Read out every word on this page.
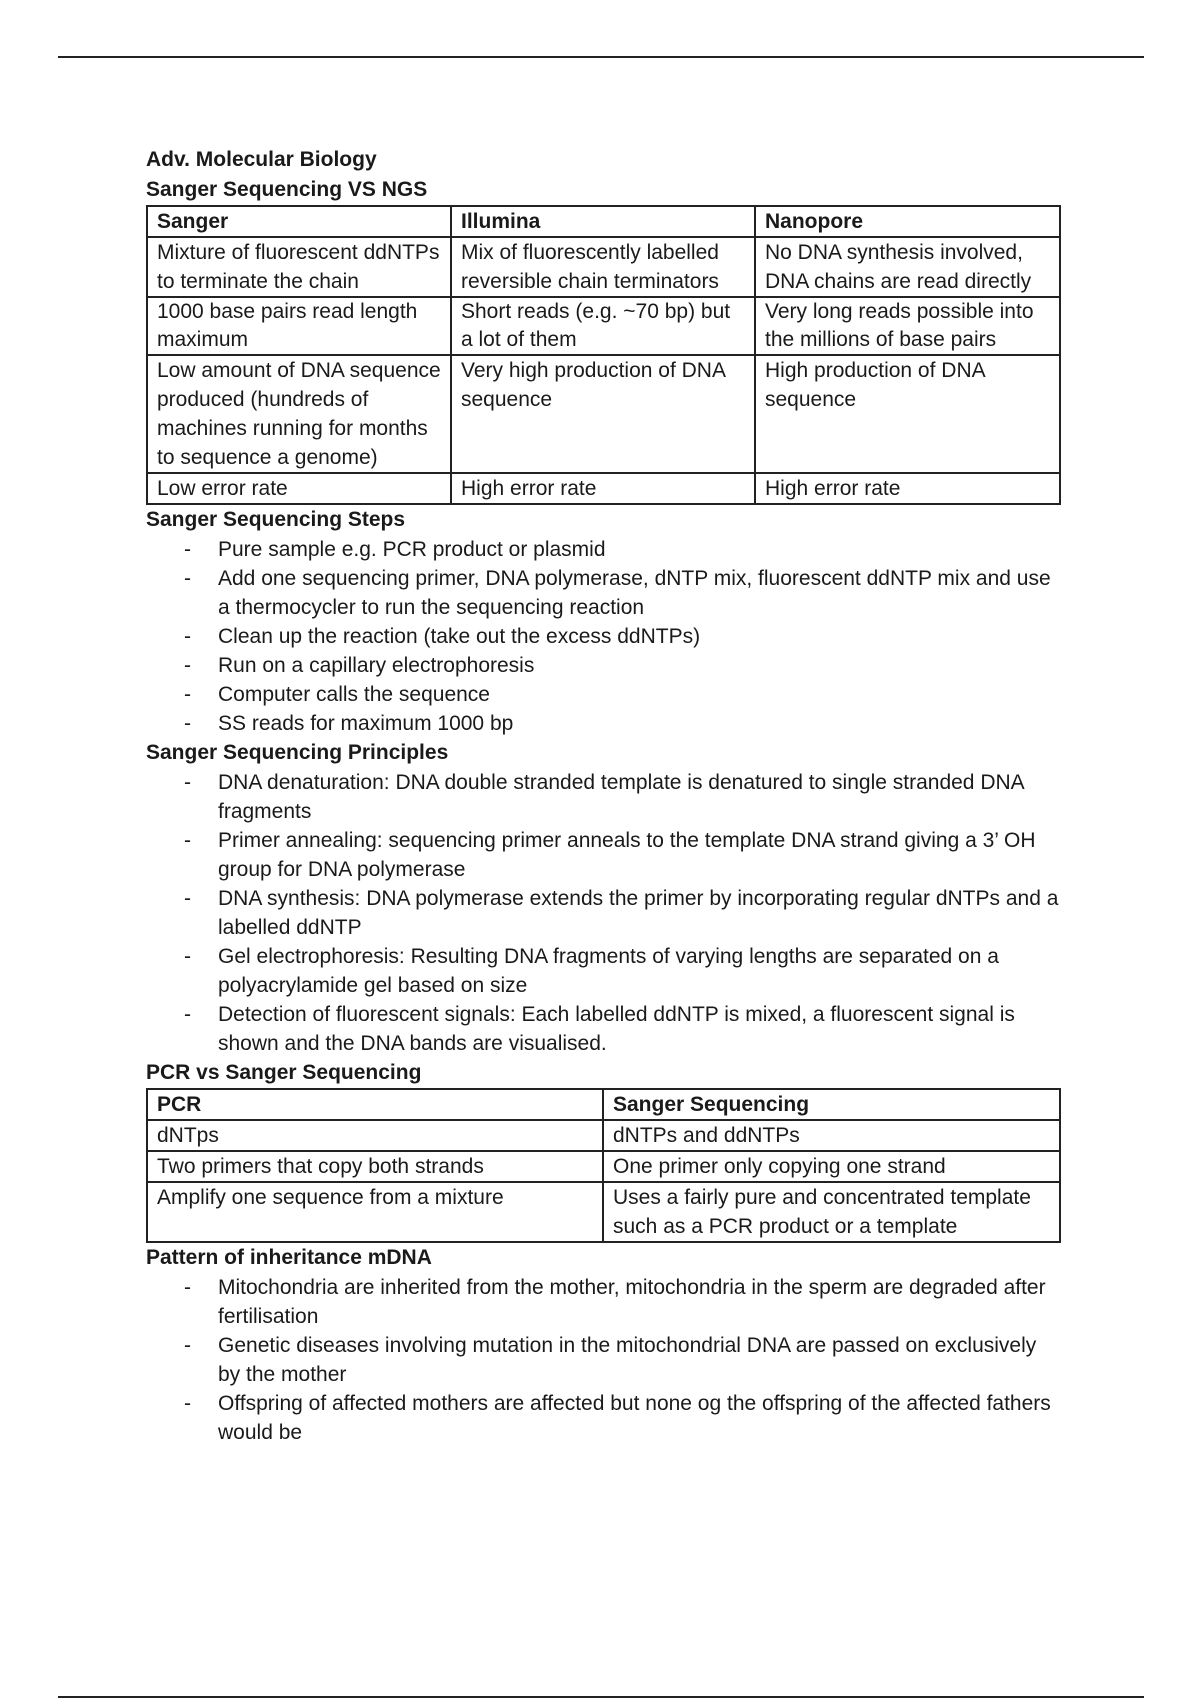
Adv. Molecular Biology
Sanger Sequencing VS NGS
Sanger	Illumina	Nanopore
Mixture of fluorescent ddNTPs to terminate the chain	Mix of fluorescently labelled reversible chain terminators	No DNA synthesis involved, DNA chains are read directly
1000 base pairs read length maximum	Short reads (e.g. ~70 bp) but a lot of them	Very long reads possible into the millions of base pairs
Low amount of DNA sequence produced (hundreds of machines running for months to sequence a genome)	Very high production of DNA sequence	High production of DNA sequence
Low error rate	High error rate	High error rate
Sanger Sequencing Steps
- Pure sample e.g. PCR product or plasmid
- Add one sequencing primer, DNA polymerase, dNTP mix, fluorescent ddNTP mix and use a thermocycler to run the sequencing reaction
- Clean up the reaction (take out the excess ddNTPs)
- Run on a capillary electrophoresis
- Computer calls the sequence
- SS reads for maximum 1000 bp
Sanger Sequencing Principles
- DNA denaturation: DNA double stranded template is denatured to single stranded DNA fragments
- Primer annealing: sequencing primer anneals to the template DNA strand giving a 3’ OH group for DNA polymerase
- DNA synthesis: DNA polymerase extends the primer by incorporating regular dNTPs and a labelled ddNTP
- Gel electrophoresis: Resulting DNA fragments of varying lengths are separated on a polyacrylamide gel based on size
- Detection of fluorescent signals: Each labelled ddNTP is mixed, a fluorescent signal is shown and the DNA bands are visualised.
PCR vs Sanger Sequencing
PCR	Sanger Sequencing
dNTps	dNTPs and ddNTPs
Two primers that copy both strands	One primer only copying one strand
Amplify one sequence from a mixture	Uses a fairly pure and concentrated template such as a PCR product or a template
Pattern of inheritance mDNA
- Mitochondria are inherited from the mother, mitochondria in the sperm are degraded after fertilisation
- Genetic diseases involving mutation in the mitochondrial DNA are passed on exclusively by the mother
- Offspring of affected mothers are affected but none og the offspring of the affected fathers would be
